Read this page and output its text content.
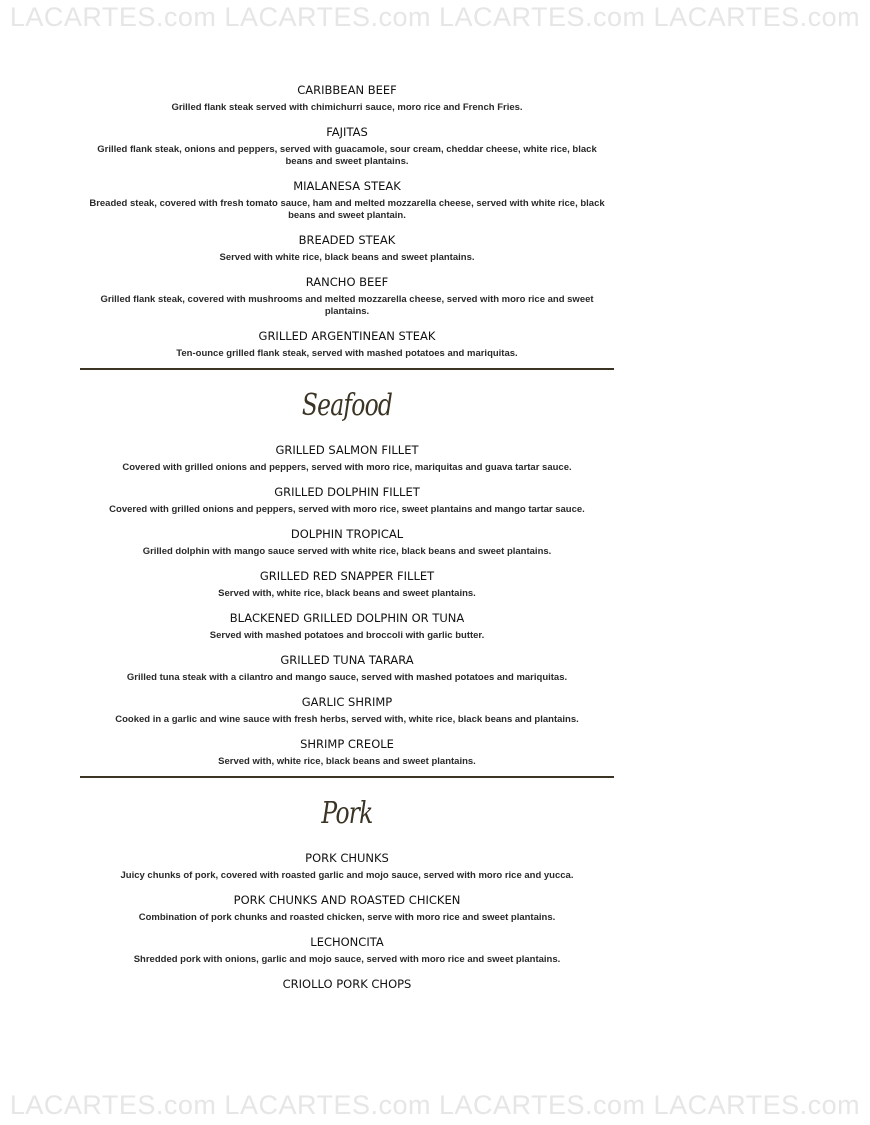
LACARTES.com LACARTES.com LACARTES.com LACARTES.com

CARIBBEAN BEEF

Grilled flank steak served with chimichurri sauce, moro rice and French Fries.

FAJITAS

Grilled flank steak, onions and peppers, served with guacamole, sour cream, cheddar cheese, white rice, black beans and sweet plantains.

MIALANESA STEAK

Breaded steak, covered with fresh tomato sauce, ham and melted mozzarella cheese, served with white rice, black beans and sweet plantain.

BREADED STEAK

Served with white rice, black beans and sweet plantains.

RANCHO BEEF

Grilled flank steak, covered with mushrooms and melted mozzarella cheese, served with moro rice and sweet plantains.

GRILLED ARGENTINEAN STEAK

Ten-ounce grilled flank steak, served with mashed potatoes and mariquitas.

Seafood

GRILLED SALMON FILLET

Covered with grilled onions and peppers, served with moro rice, mariquitas and guava tartar sauce.

GRILLED DOLPHIN FILLET

Covered with grilled onions and peppers, served with moro rice, sweet plantains and mango tartar sauce.

DOLPHIN TROPICAL

Grilled dolphin with mango sauce served with white rice, black beans and sweet plantains.

GRILLED RED SNAPPER FILLET

Served with, white rice, black beans and sweet plantains.

BLACKENED GRILLED DOLPHIN OR TUNA

Served with mashed potatoes and broccoli with garlic butter.

GRILLED TUNA TARARA

Grilled tuna steak with a cilantro and mango sauce, served with mashed potatoes and mariquitas.

GARLIC SHRIMP

Cooked in a garlic and wine sauce with fresh herbs, served with, white rice, black beans and plantains.

SHRIMP CREOLE

Served with, white rice, black beans and sweet plantains.

Pork

PORK CHUNKS

Juicy chunks of pork, covered with roasted garlic and mojo sauce, served with moro rice and yucca.

PORK CHUNKS AND ROASTED CHICKEN

Combination of pork chunks and roasted chicken, serve with moro rice and sweet plantains.

LECHONCITA

Shredded pork with onions, garlic and mojo sauce, served with moro rice and sweet plantains.

CRIOLLO PORK CHOPS

LACARTES.com LACARTES.com LACARTES.com LACARTES.com
